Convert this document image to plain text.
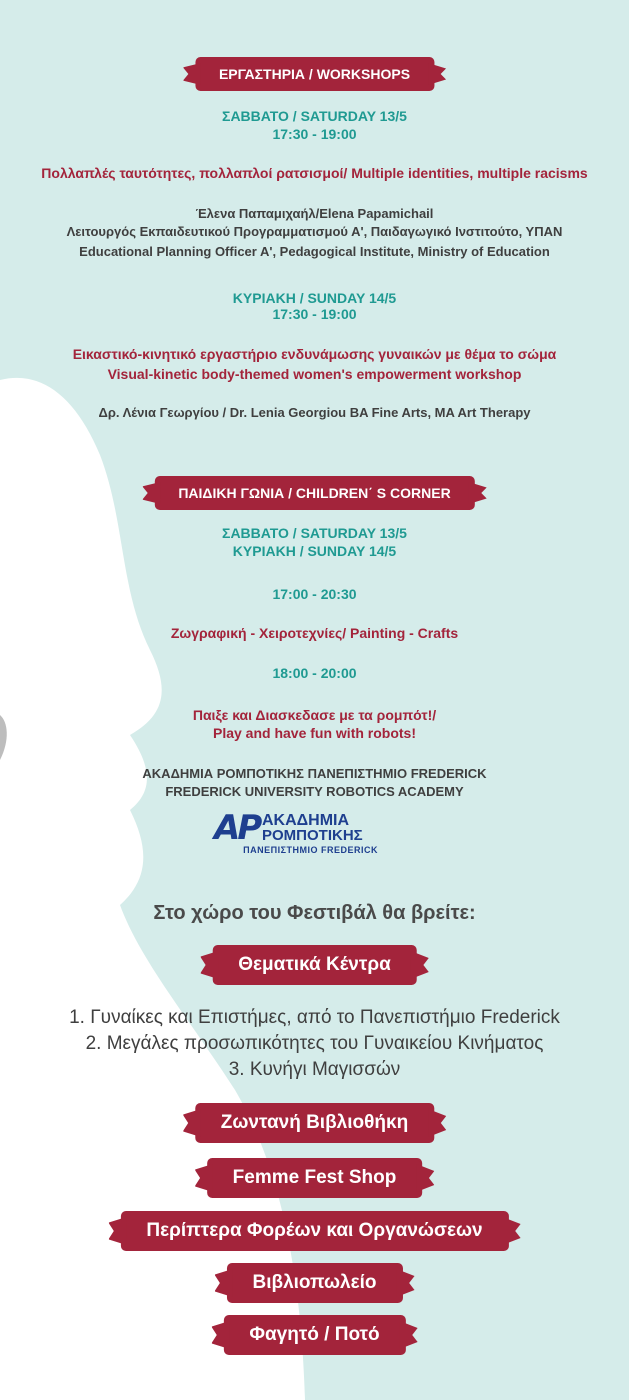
ΕΡΓΑΣΤΗΡΙΑ / WORKSHOPS
ΣΑΒΒΑΤΟ / SATURDAY 13/5
17:30 - 19:00
Πολλαπλές ταυτότητες, πολλαπλοί ρατσισμοί/ Multiple identities, multiple racisms
Έλενα Παπαμιχαήλ/Elena Papamichail
Λειτουργός Εκπαιδευτικού Προγραμματισμού Α', Παιδαγωγικό Ινστιτούτο, ΥΠΑΝ
Educational Planning Officer A', Pedagogical Institute, Ministry of Education
ΚΥΡΙΑΚΗ / SUNDAY 14/5
17:30 - 19:00
Εικαστικό-κινητικό εργαστήριο ενδυνάμωσης γυναικών με θέμα το σώμα
Visual-kinetic body-themed women's empowerment workshop
Δρ. Λένια Γεωργίου / Dr. Lenia Georgiou BA Fine Arts, MA Art Therapy
ΠΑΙΔΙΚΗ ΓΩΝΙΑ / CHILDREN΄ S CORNER
ΣΑΒΒΑΤΟ / SATURDAY 13/5
ΚΥΡΙΑΚΗ / SUNDAY 14/5
17:00 - 20:30
Ζωγραφική - Χειροτεχνίες/ Painting - Crafts
18:00 - 20:00
Παιξε και Διασκεδασε με τα ρομπότ!/
Play and have fun with robots!
ΑΚΑΔΗΜΙΑ ΡΟΜΠΟΤΙΚΗΣ ΠΑΝΕΠΙΣΤΗΜΙΟ FREDERICK
FREDERICK UNIVERSITY ROBOTICS ACADEMY
AP ΑΚΑΔΗΜΙΑ
ΡΟΜΠΟΤΙΚΗΣ
ΠΑΝΕΠΙΣΤΗΜΙΟ FREDERICK
Στο χώρο του Φεστιβάλ θα βρείτε:
Θεματικά Κέντρα
1. Γυναίκες και Επιστήμες, από το Πανεπιστήμιο Frederick
2. Μεγάλες προσωπικότητες του Γυναικείου Κινήματος
3. Κυνήγι Μαγισσών
Ζωντανή Βιβλιοθήκη
Femme Fest Shop
Περίπτερα Φορέων και Οργανώσεων
Βιβλιοπωλείο
Φαγητό / Ποτό
